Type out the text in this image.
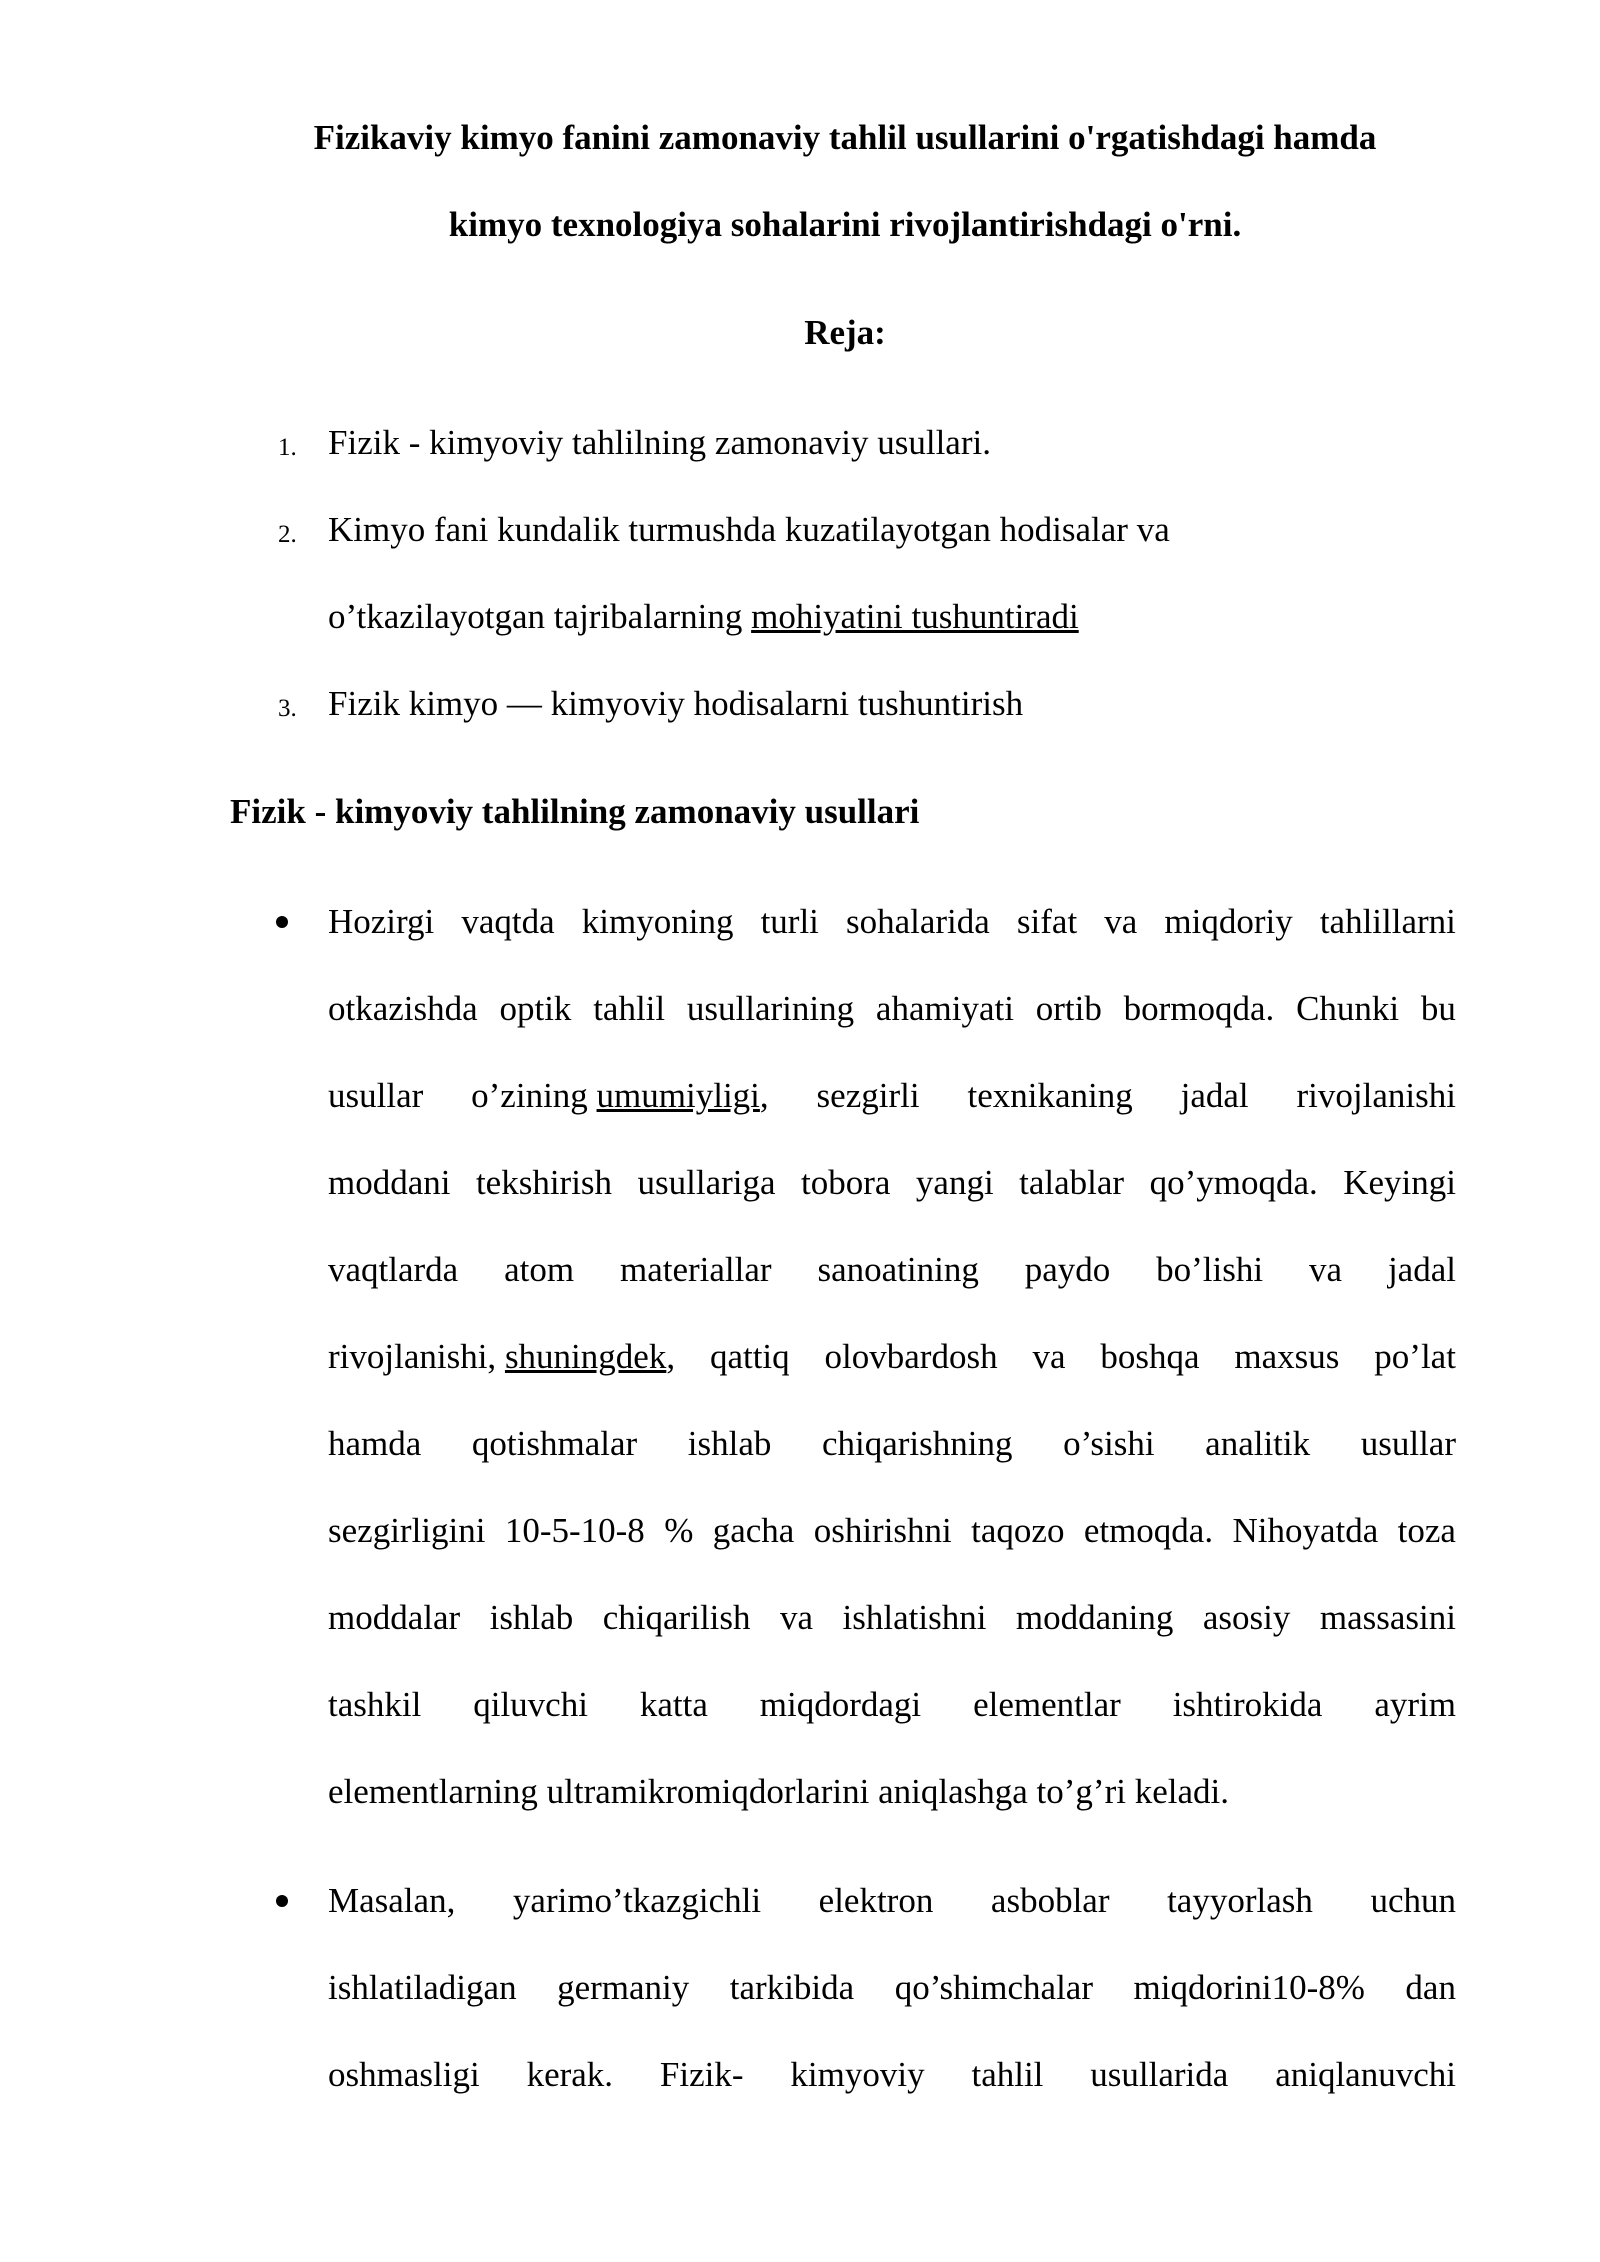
Fizikaviy kimyo fanini zamonaviy tahlil usullarini o'rgatishdagi hamda
kimyo texnologiya sohalarini rivojlantirishdagi o'rni.
Reja:
1. Fizik - kimyoviy tahlilning zamonaviy usullari.
2. Kimyo fani kundalik turmushda kuzatilayotgan hodisalar va
o’tkazilayotgan tajribalarning mohiyatini tushuntiradi
3. Fizik kimyo — kimyoviy hodisalarni tushuntirish
Fizik - kimyoviy tahlilning zamonaviy usullari
Hozirgi vaqtda kimyoning turli sohalarida sifat va miqdoriy tahlillarni
otkazishda optik tahlil usullarining ahamiyati ortib bormoqda. Chunki bu
usullar o’zining umumiyligi, sezgirli texnikaning jadal rivojlanishi
moddani tekshirish usullariga tobora yangi talablar qo’ymoqda. Keyingi
vaqtlarda atom materiallar sanoatining paydo bo’lishi va jadal
rivojlanishi, shuningdek, qattiq olovbardosh va boshqa maxsus po’lat
hamda qotishmalar ishlab chiqarishning o’sishi analitik usullar
sezgirligini 10-5-10-8 % gacha oshirishni taqozo etmoqda. Nihoyatda toza
moddalar ishlab chiqarilish va ishlatishni moddaning asosiy massasini
tashkil qiluvchi katta miqdordagi elementlar ishtirokida ayrim
elementlarning ultramikromiqdorlarini aniqlashga to’g’ri keladi.
Masalan, yarimo’tkazgichli elektron asboblar tayyorlash uchun
ishlatiladigan germaniy tarkibida qo’shimchalar miqdorini10-8% dan
oshmasligi kerak. Fizik- kimyoviy tahlil usullarida aniqlanuvchi
